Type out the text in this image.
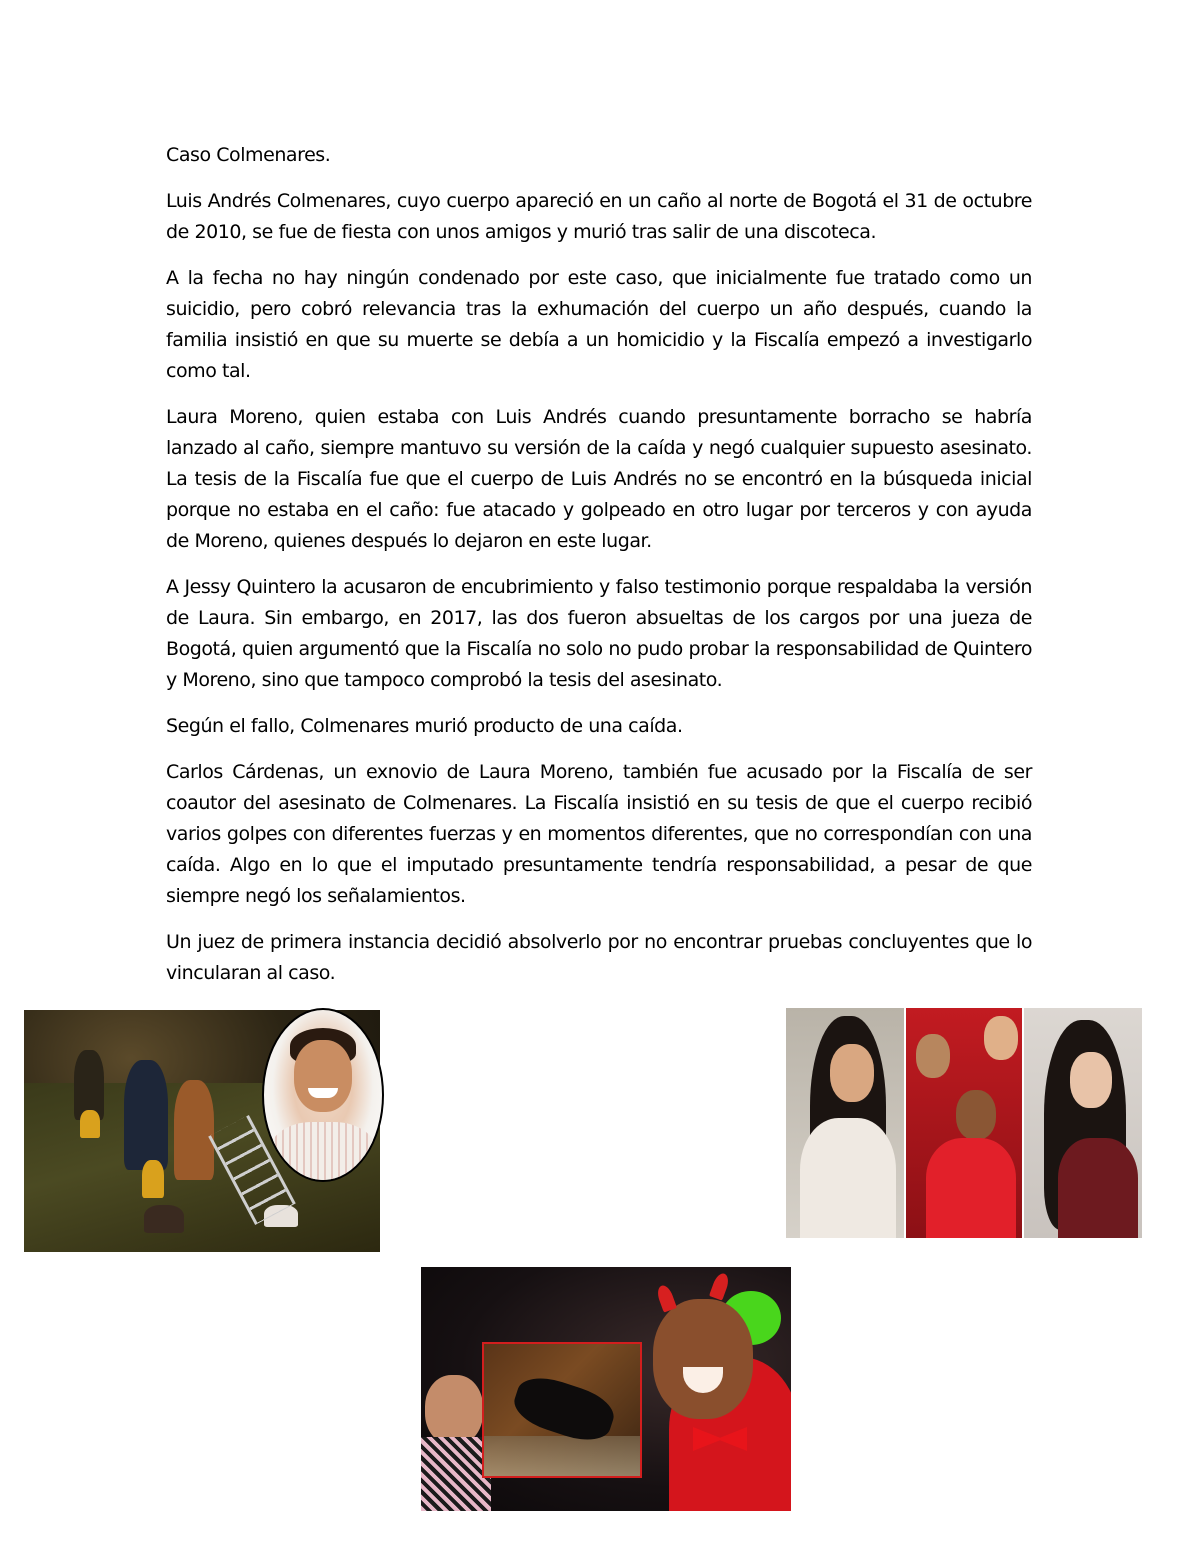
Caso Colmenares.

Luis Andrés Colmenares, cuyo cuerpo apareció en un caño al norte de Bogotá el 31 de octubre de 2010, se fue de fiesta con unos amigos y murió tras salir de una discoteca.

A la fecha no hay ningún condenado por este caso, que inicialmente fue tratado como un suicidio, pero cobró relevancia tras la exhumación del cuerpo un año después, cuando la familia insistió en que su muerte se debía a un homicidio y la Fiscalía empezó a investigarlo como tal.

Laura Moreno, quien estaba con Luis Andrés cuando presuntamente borracho se habría lanzado al caño, siempre mantuvo su versión de la caída y negó cualquier supuesto asesinato. La tesis de la Fiscalía fue que el cuerpo de Luis Andrés no se encontró en la búsqueda inicial porque no estaba en el caño: fue atacado y golpeado en otro lugar por terceros y con ayuda de Moreno, quienes después lo dejaron en este lugar.

A Jessy Quintero la acusaron de encubrimiento y falso testimonio porque respaldaba la versión de Laura. Sin embargo, en 2017, las dos fueron absueltas de los cargos por una jueza de Bogotá, quien argumentó que la Fiscalía no solo no pudo probar la responsabilidad de Quintero y Moreno, sino que tampoco comprobó la tesis del asesinato.

Según el fallo, Colmenares murió producto de una caída.

Carlos Cárdenas, un exnovio de Laura Moreno, también fue acusado por la Fiscalía de ser coautor del asesinato de Colmenares. La Fiscalía insistió en su tesis de que el cuerpo recibió varios golpes con diferentes fuerzas y en momentos diferentes, que no correspondían con una caída. Algo en lo que el imputado presuntamente tendría responsabilidad, a pesar de que siempre negó los señalamientos.

Un juez de primera instancia decidió absolverlo por no encontrar pruebas concluyentes que lo vincularan al caso.
